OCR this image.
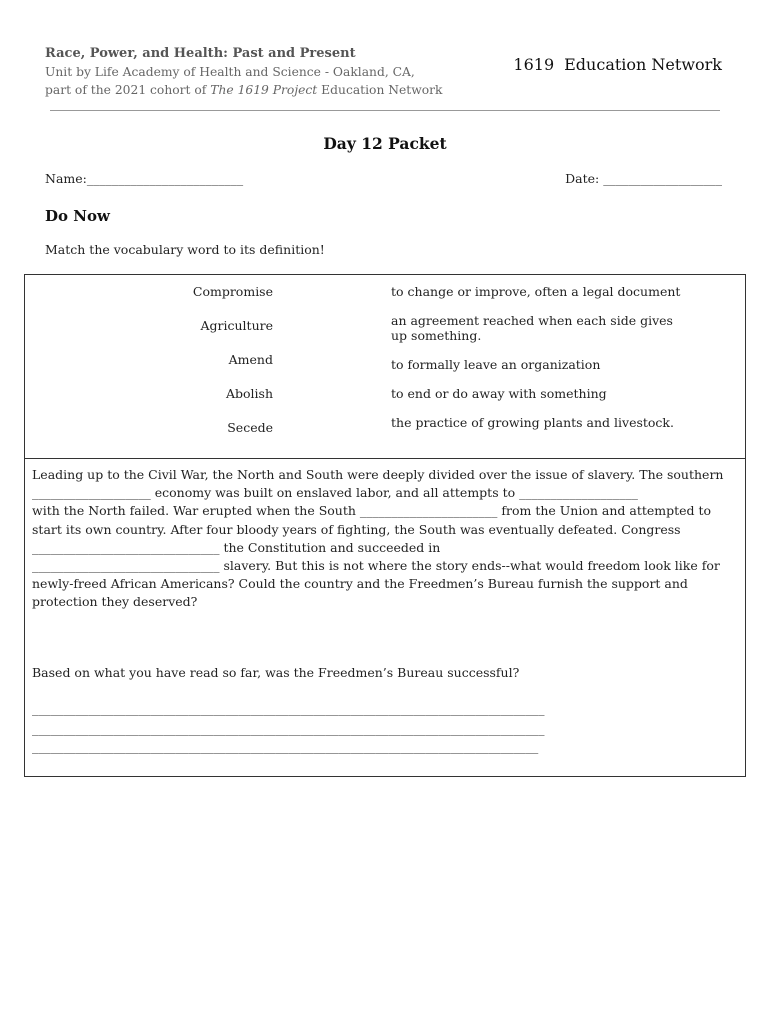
Race, Power, and Health: Past and Present
Unit by Life Academy of Health and Science - Oakland, CA,
part of the 2021 cohort of The 1619 Project Education Network
1619 Education Network
Day 12 Packet
Name:_________________________	Date: ___________________
Do Now
Match the vocabulary word to its definition!
Compromise
Agriculture
Amend
Abolish
Secede
to change or improve, often a legal document
an agreement reached when each side gives up something.
to formally leave an organization
to end or do away with something
the practice of growing plants and livestock.
Leading up to the Civil War, the North and South were deeply divided over the issue of slavery. The southern
___________________ economy was built on enslaved labor, and all attempts to ___________________
with the North failed. War erupted when the South ______________________ from the Union and attempted to start its own country. After four bloody years of fighting, the South was eventually defeated. Congress ______________________________ the Constitution and succeeded in
______________________________ slavery. But this is not where the story ends--what would freedom look like for newly-freed African Americans? Could the country and the Freedmen’s Bureau furnish the support and protection they deserved?
Based on what you have read so far, was the Freedmen’s Bureau successful?
__________________________________________________________________________________
__________________________________________________________________________________
_________________________________________________________________________________
